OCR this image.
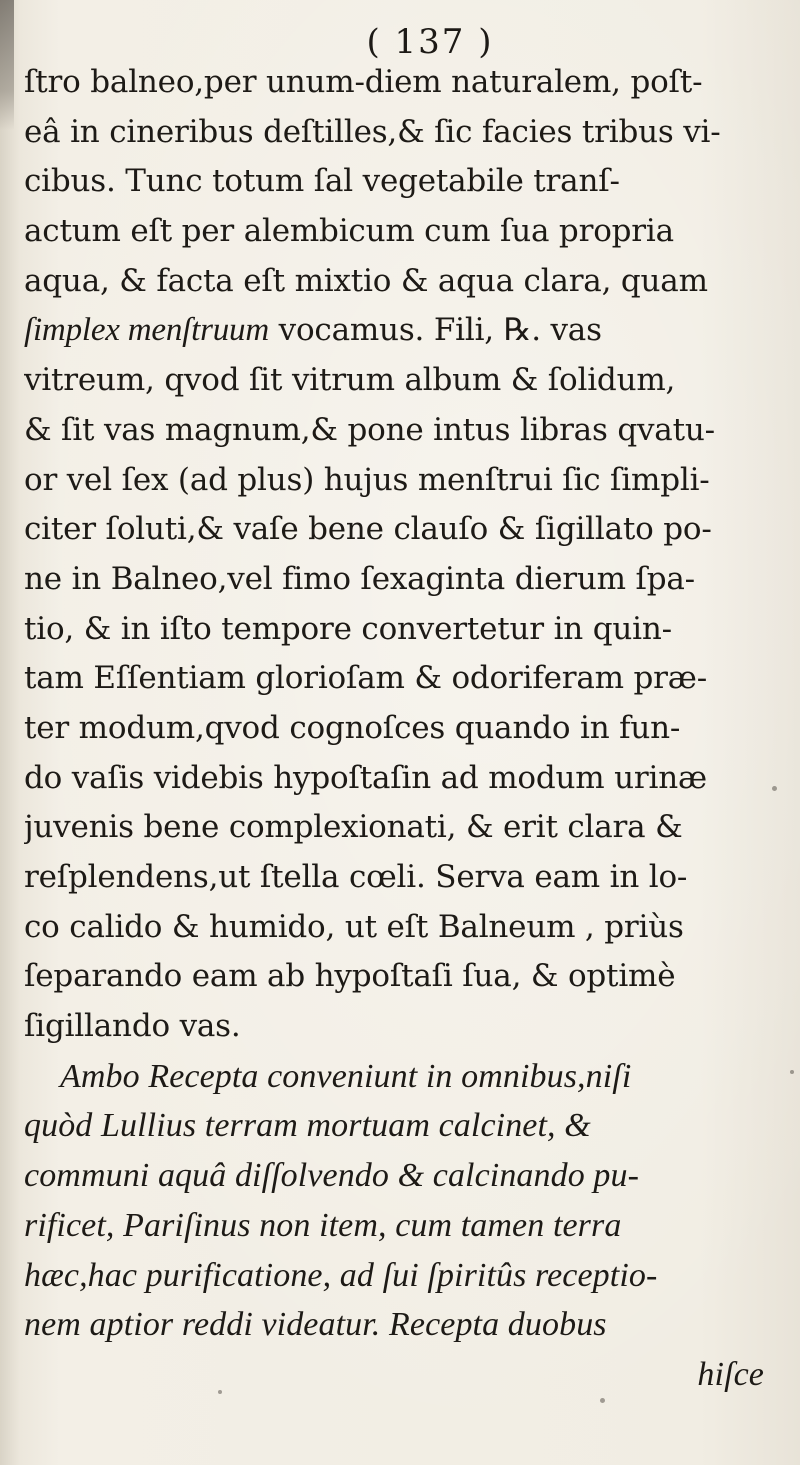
( 137 )
ſtro balneo,per unum-diem naturalem, poſt-
eâ in cineribus deſtilles,& ſic facies tribus vi-
cibus. Tunc totum ſal vegetabile tranſ-
actum eſt per alembicum cum ſua propria
aqua, & facta eſt mixtio & aqua clara, quam
ſimplex menſtruum vocamus. Fili, ℞. vas
vitreum, qvod ſit vitrum album & ſolidum,
& ſit vas magnum,& pone intus libras qvatu-
or vel ſex (ad plus) hujus menſtrui ſic ſimpli-
citer ſoluti,& vaſe bene clauſo & ſigillato po-
ne in Balneo,vel fimo ſexaginta dierum ſpa-
tio, & in iſto tempore convertetur in quin-
tam Eſſentiam glorioſam & odoriferam præ-
ter modum,qvod cognoſces quando in fun-
do vaſis videbis hypoſtaſin ad modum urinæ
juvenis bene complexionati, & erit clara &
reſplendens,ut ſtella cœli. Serva eam in lo-
co calido & humido, ut eſt Balneum , priùs
ſeparando eam ab hypoſtaſi ſua, & optimè
ſigillando vas.
Ambo Recepta conveniunt in omnibus,niſi
quòd Lullius terram mortuam calcinet, &
communi aquâ diſſolvendo & calcinando pu-
rificet, Pariſinus non item, cum tamen terra
hæc,hac purificatione, ad ſui ſpiritûs receptio-
nem aptior reddi videatur. Recepta duobus
hiſce
